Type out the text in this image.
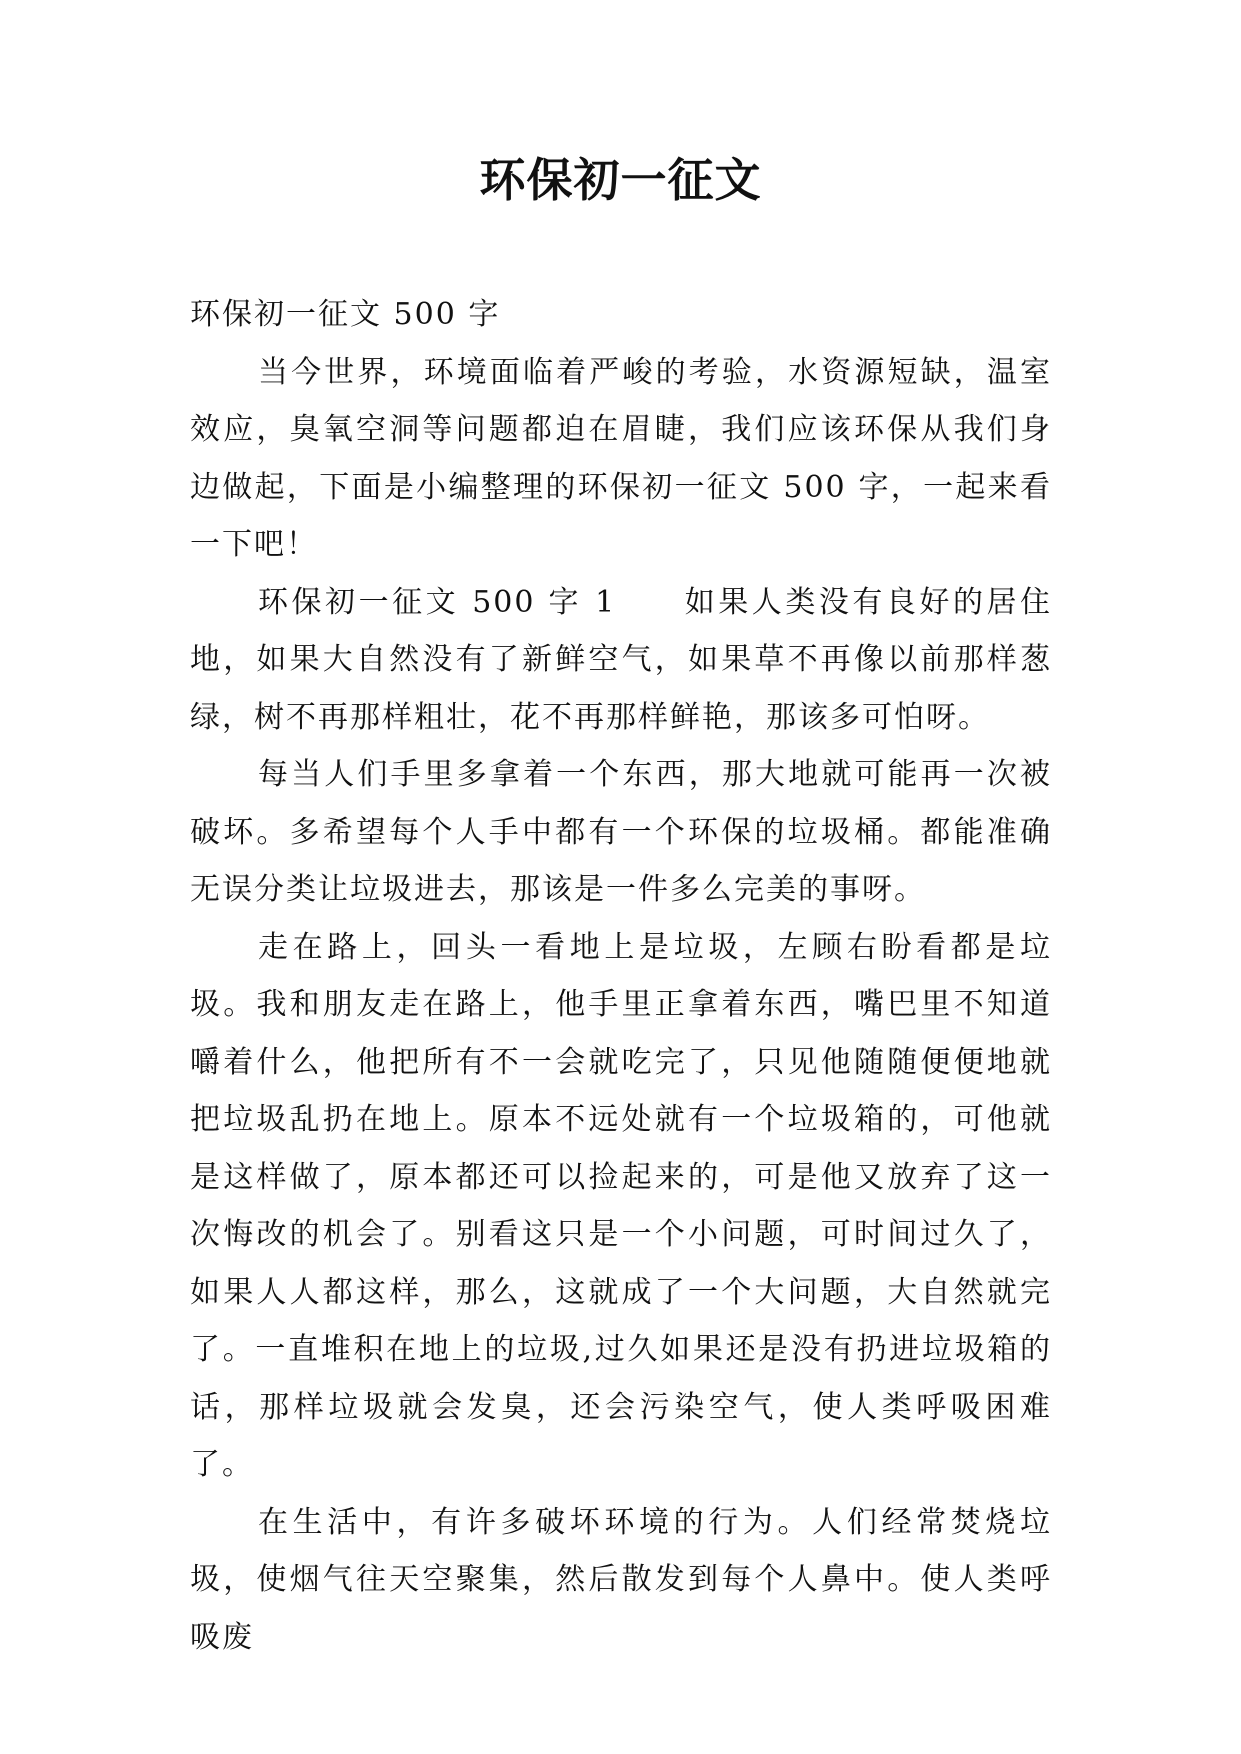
环保初一征文

环保初一征文 500 字

当今世界，环境面临着严峻的考验，水资源短缺，温室效应，臭氧空洞等问题都迫在眉睫，我们应该环保从我们身边做起，下面是小编整理的环保初一征文 500 字，一起来看一下吧！

环保初一征文 500 字 1　　如果人类没有良好的居住地，如果大自然没有了新鲜空气，如果草不再像以前那样葱绿，树不再那样粗壮，花不再那样鲜艳，那该多可怕呀。

每当人们手里多拿着一个东西，那大地就可能再一次被破坏。多希望每个人手中都有一个环保的垃圾桶。都能准确无误分类让垃圾进去，那该是一件多么完美的事呀。

走在路上，回头一看地上是垃圾，左顾右盼看都是垃圾。我和朋友走在路上，他手里正拿着东西，嘴巴里不知道嚼着什么，他把所有不一会就吃完了，只见他随随便便地就把垃圾乱扔在地上。原本不远处就有一个垃圾箱的，可他就是这样做了，原本都还可以捡起来的，可是他又放弃了这一次悔改的机会了。别看这只是一个小问题，可时间过久了，如果人人都这样，那么，这就成了一个大问题，大自然就完了。一直堆积在地上的垃圾,过久如果还是没有扔进垃圾箱的话，那样垃圾就会发臭，还会污染空气，使人类呼吸困难了。

在生活中，有许多破坏环境的行为。人们经常焚烧垃圾，使烟气往天空聚集，然后散发到每个人鼻中。使人类呼吸废
